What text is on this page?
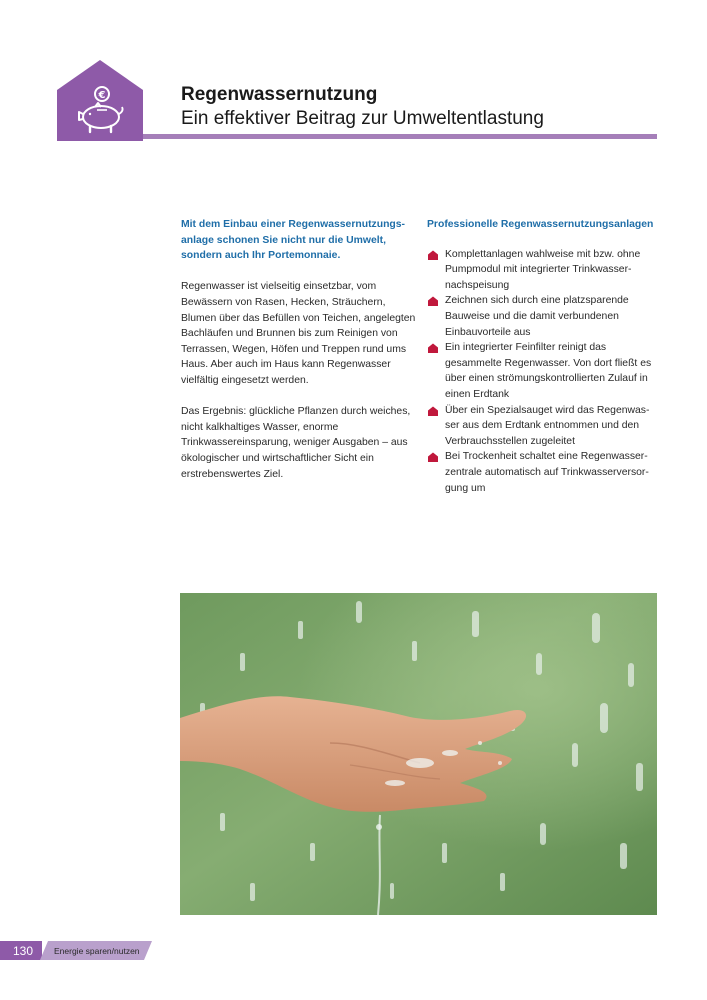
€	Regenwassernutzung
Ein effektiver Beitrag zur Umweltentlastung

Mit dem Einbau einer Regenwassernutzungs-anlage schonen Sie nicht nur die Umwelt, sondern auch Ihr Portemonnaie.

Regenwasser ist vielseitig einsetzbar, vom Bewässern von Rasen, Hecken, Sträuchern, Blumen über das Befüllen von Teichen, angelegten Bachläufen und Brunnen bis zum Reinigen von Terrassen, Wegen, Höfen und Treppen rund ums Haus. Aber auch im Haus kann Regenwasser vielfältig eingesetzt werden.

Das Ergebnis: glückliche Pflanzen durch weiches, nicht kalkhaltiges Wasser, enorme Trinkwassereinsparung, weniger Ausgaben – aus ökologischer und wirtschaftlicher Sicht ein erstrebenswertes Ziel.

Professionelle Regenwassernutzungsanlagen

Komplettanlagen wahlweise mit bzw. ohne Pumpmodul mit integrierter Trinkwasser-nachspeisung
Zeichnen sich durch eine platzsparende Bauweise und die damit verbundenen Einbauvorteile aus
Ein integrierter Feinfilter reinigt das gesammelte Regenwasser. Von dort fließt es über einen strömungskontrollierten Zulauf in einen Erdtank
Über ein Spezialsauget wird das Regenwas-ser aus dem Erdtank entnommen und den Verbrauchsstellen zugeleitet
Bei Trockenheit schaltet eine Regenwasser-zentrale automatisch auf Trinkwasserversor-gung um
130 Energie sparen/nutzen
